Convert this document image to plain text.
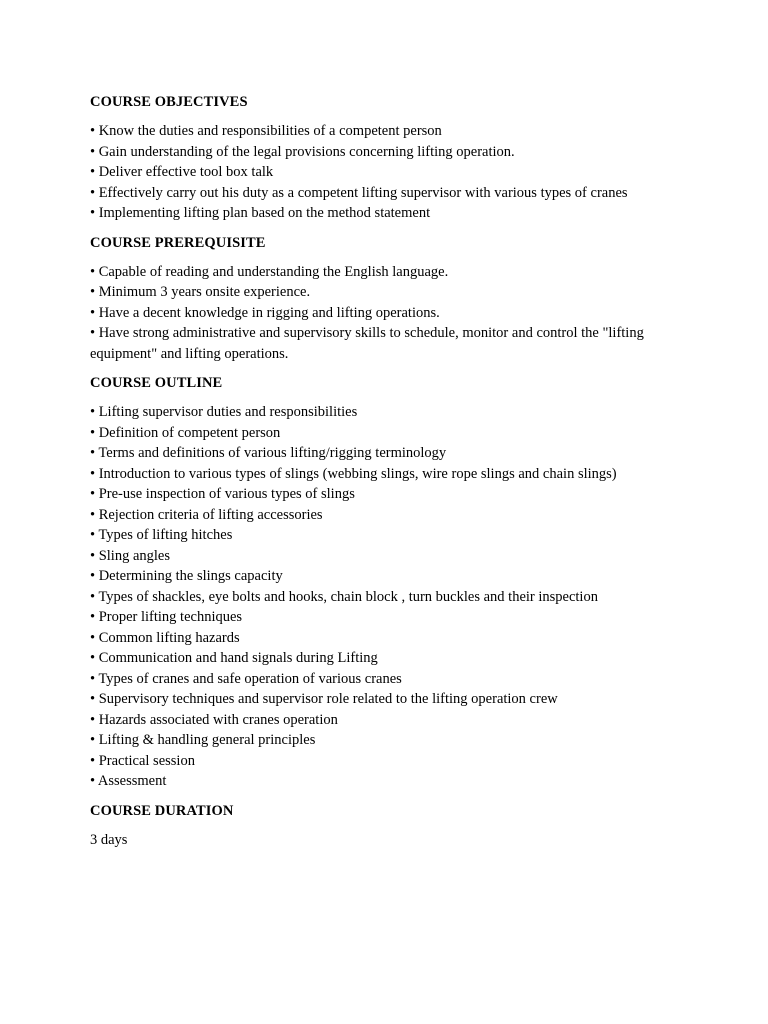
COURSE OBJECTIVES
• Know the duties and responsibilities of a competent person
• Gain understanding of the legal provisions concerning lifting operation.
• Deliver effective tool box talk
• Effectively carry out his duty as a competent lifting supervisor with various types of cranes
• Implementing lifting plan based on the method statement
COURSE PREREQUISITE
• Capable of reading and understanding the English language.
• Minimum 3 years onsite experience.
• Have a decent knowledge in rigging and lifting operations.
• Have strong administrative and supervisory skills to schedule, monitor and control the "lifting equipment" and lifting operations.
COURSE OUTLINE
• Lifting supervisor duties and responsibilities
• Definition of competent person
• Terms and definitions of various lifting/rigging terminology
• Introduction to various types of slings (webbing slings, wire rope slings and chain slings)
• Pre-use inspection of various types of slings
• Rejection criteria of lifting accessories
• Types of lifting hitches
• Sling angles
• Determining the slings capacity
• Types of shackles, eye bolts and hooks, chain block , turn buckles and their inspection
• Proper lifting techniques
• Common lifting hazards
• Communication and hand signals during Lifting
• Types of cranes and safe operation of various cranes
• Supervisory techniques and supervisor role related to the lifting operation crew
• Hazards associated with cranes operation
• Lifting & handling general principles
• Practical session
• Assessment
COURSE DURATION
3 days
